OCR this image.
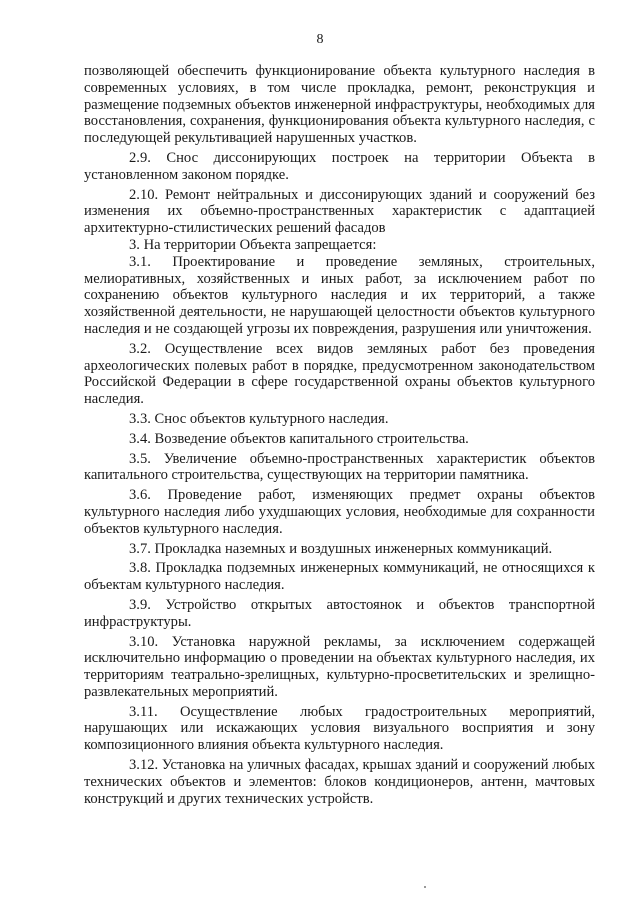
8

позволяющей обеспечить функционирование объекта культурного наследия в современных условиях, в том числе прокладка, ремонт, реконструкция и размещение подземных объектов инженерной инфраструктуры, необходимых для восстановления, сохранения, функционирования объекта культурного наследия, с последующей рекультивацией нарушенных участков.

2.9. Снос диссонирующих построек на территории Объекта в установленном законом порядке.

2.10. Ремонт нейтральных и диссонирующих зданий и сооружений без изменения их объемно-пространственных характеристик с адаптацией архитектурно-стилистических решений фасадов

3. На территории Объекта запрещается:

3.1. Проектирование и проведение земляных, строительных, мелиоративных, хозяйственных и иных работ, за исключением работ по сохранению объектов культурного наследия и их территорий, а также хозяйственной деятельности, не нарушающей целостности объектов культурного наследия и не создающей угрозы их повреждения, разрушения или уничтожения.

3.2. Осуществление всех видов земляных работ без проведения археологических полевых работ в порядке, предусмотренном законодательством Российской Федерации в сфере государственной охраны объектов культурного наследия.

3.3. Снос объектов культурного наследия.

3.4. Возведение объектов капитального строительства.

3.5. Увеличение объемно-пространственных характеристик объектов капитального строительства, существующих на территории памятника.

3.6. Проведение работ, изменяющих предмет охраны объектов культурного наследия либо ухудшающих условия, необходимые для сохранности объектов культурного наследия.

3.7. Прокладка наземных и воздушных инженерных коммуникаций.

3.8. Прокладка подземных инженерных коммуникаций, не относящихся к объектам культурного наследия.

3.9. Устройство открытых автостоянок и объектов транспортной инфраструктуры.

3.10. Установка наружной рекламы, за исключением содержащей исключительно информацию о проведении на объектах культурного наследия, их территориям театрально-зрелищных, культурно-просветительских и зрелищно-развлекательных мероприятий.

3.11. Осуществление любых градостроительных мероприятий, нарушающих или искажающих условия визуального восприятия и зону композиционного влияния объекта культурного наследия.

3.12. Установка на уличных фасадах, крышах зданий и сооружений любых технических объектов и элементов: блоков кондиционеров, антенн, мачтовых конструкций и других технических устройств.
